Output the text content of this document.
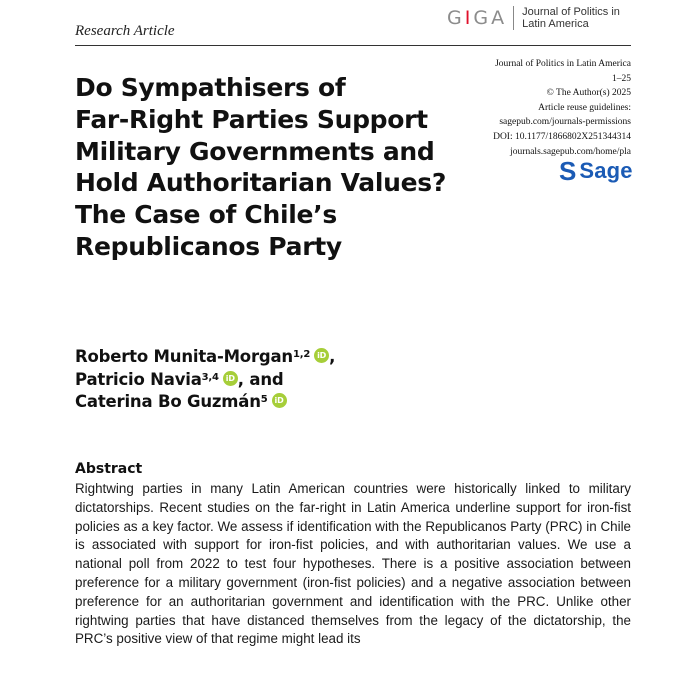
Research Article
GIGA Journal of Politics in
Latin America
Journal of Politics in Latin America
1–25
© The Author(s) 2025
Article reuse guidelines:
sagepub.com/journals-permissions
DOI: 10.1177/1866802X251344314
journals.sagepub.com/home/pla
S Sage
Do Sympathisers of
Far-Right Parties Support
Military Governments and
Hold Authoritarian Values?
The Case of Chile’s
Republicanos Party
Roberto Munita-Morgan$^{1,2}$ iD ,
Patricio Navia$^{3,4}$ iD , and
Caterina Bo Guzmán$^5$ iD
Abstract

Rightwing parties in many Latin American countries were historically linked to military dictatorships. Recent studies on the far-right in Latin America underline support for iron-fist policies as a key factor. We assess if identification with the Republicanos Party (PRC) in Chile is associated with support for iron-fist policies, and with authoritarian values. We use a national poll from 2022 to test four hypotheses. There is a positive association between preference for a military government (iron-fist policies) and a negative association between preference for an authoritarian government and identification with the PRC. Unlike other rightwing parties that have distanced themselves from the legacy of the dictatorship, the PRC’s positive view of that regime might lead its
